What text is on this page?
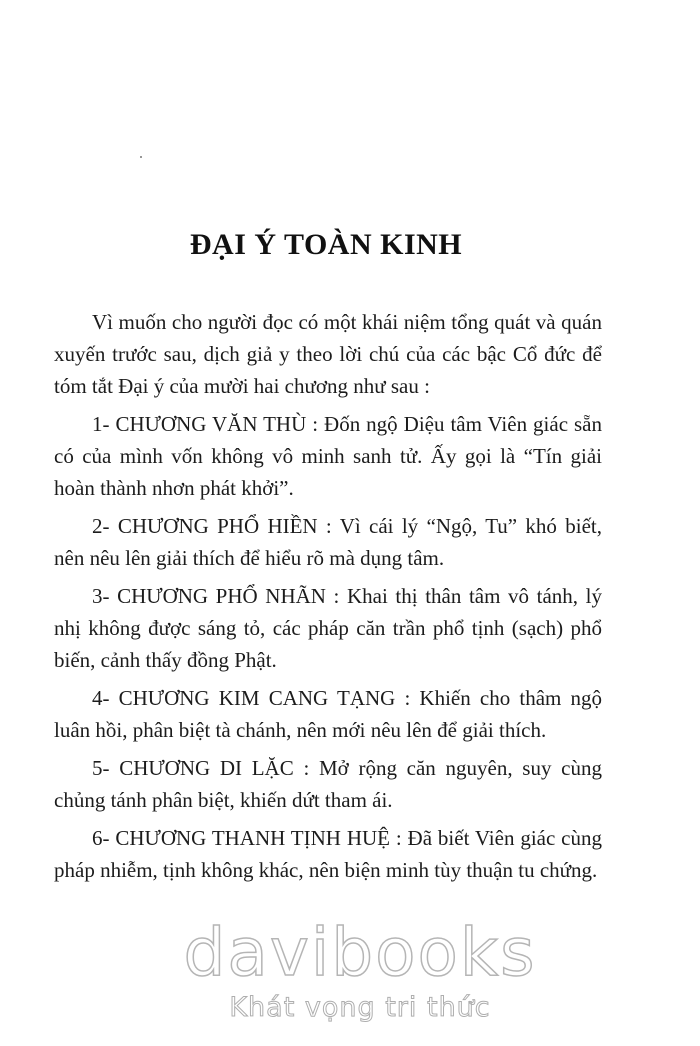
ĐẠI Ý TOÀN KINH

Vì muốn cho người đọc có một khái niệm tổng quát và quán xuyến trước sau, dịch giả y theo lời chú của các bậc Cổ đức để tóm tắt Đại ý của mười hai chương như sau :

1- CHƯƠNG VĂN THÙ : Đốn ngộ Diệu tâm Viên giác sẵn có của mình vốn không vô minh sanh tử. Ấy gọi là “Tín giải hoàn thành nhơn phát khởi”.

2- CHƯƠNG PHỔ HIỀN : Vì cái lý “Ngộ, Tu” khó biết, nên nêu lên giải thích để hiểu rõ mà dụng tâm.

3- CHƯƠNG PHỔ NHÃN : Khai thị thân tâm vô tánh, lý nhị không được sáng tỏ, các pháp căn trần phổ tịnh (sạch) phổ biến, cảnh thấy đồng Phật.

4- CHƯƠNG KIM CANG TẠNG : Khiến cho thâm ngộ luân hồi, phân biệt tà chánh, nên mới nêu lên để giải thích.

5- CHƯƠNG DI LẶC : Mở rộng căn nguyên, suy cùng chủng tánh phân biệt, khiến dứt tham ái.

6- CHƯƠNG THANH TỊNH HUỆ : Đã biết Viên giác cùng pháp nhiễm, tịnh không khác, nên biện minh tùy thuận tu chứng.

davibooks
Khát vọng tri thức
